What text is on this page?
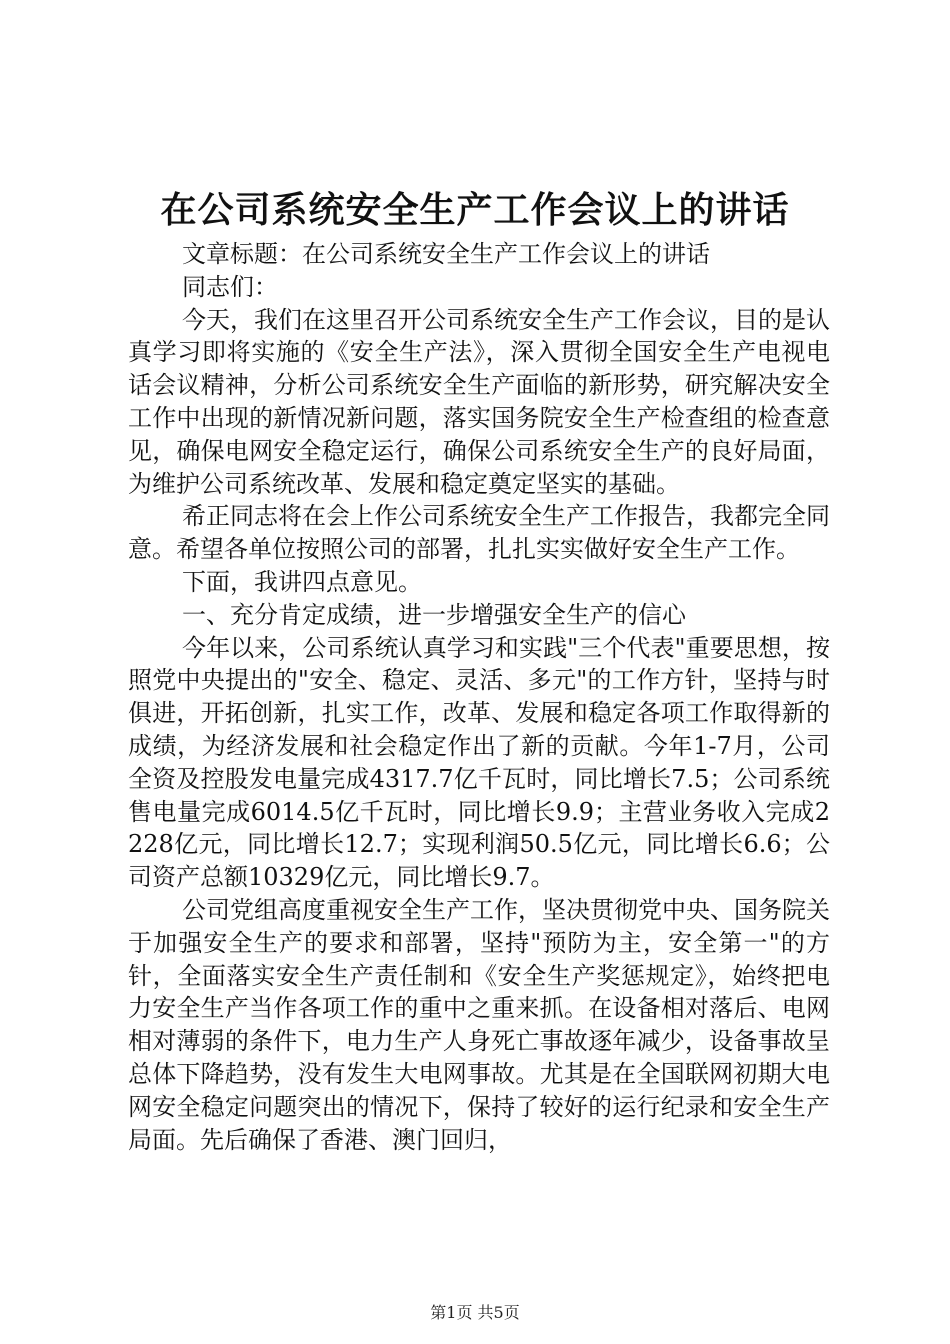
在公司系统安全生产工作会议上的讲话

文章标题：在公司系统安全生产工作会议上的讲话

同志们：

今天，我们在这里召开公司系统安全生产工作会议，目的是认真学习即将实施的《安全生产法》，深入贯彻全国安全生产电视电话会议精神，分析公司系统安全生产面临的新形势，研究解决安全工作中出现的新情况新问题，落实国务院安全生产检查组的检查意见，确保电网安全稳定运行，确保公司系统安全生产的良好局面，为维护公司系统改革、发展和稳定奠定坚实的基础。

希正同志将在会上作公司系统安全生产工作报告，我都完全同意。希望各单位按照公司的部署，扎扎实实做好安全生产工作。

下面，我讲四点意见。

一、充分肯定成绩，进一步增强安全生产的信心

今年以来，公司系统认真学习和实践"三个代表"重要思想，按照党中央提出的"安全、稳定、灵活、多元"的工作方针，坚持与时俱进，开拓创新，扎实工作，改革、发展和稳定各项工作取得新的成绩，为经济发展和社会稳定作出了新的贡献。今年1-7月，公司全资及控股发电量完成4317.7亿千瓦时，同比增长7.5；公司系统售电量完成6014.5亿千瓦时，同比增长9.9；主营业务收入完成2228亿元，同比增长12.7；实现利润50.5亿元，同比增长6.6；公司资产总额10329亿元，同比增长9.7。

公司党组高度重视安全生产工作，坚决贯彻党中央、国务院关于加强安全生产的要求和部署，坚持"预防为主，安全第一"的方针，全面落实安全生产责任制和《安全生产奖惩规定》，始终把电力安全生产当作各项工作的重中之重来抓。在设备相对落后、电网相对薄弱的条件下，电力生产人身死亡事故逐年减少，设备事故呈总体下降趋势，没有发生大电网事故。尤其是在全国联网初期大电网安全稳定问题突出的情况下，保持了较好的运行纪录和安全生产局面。先后确保了香港、澳门回归，

第1页 共5页
